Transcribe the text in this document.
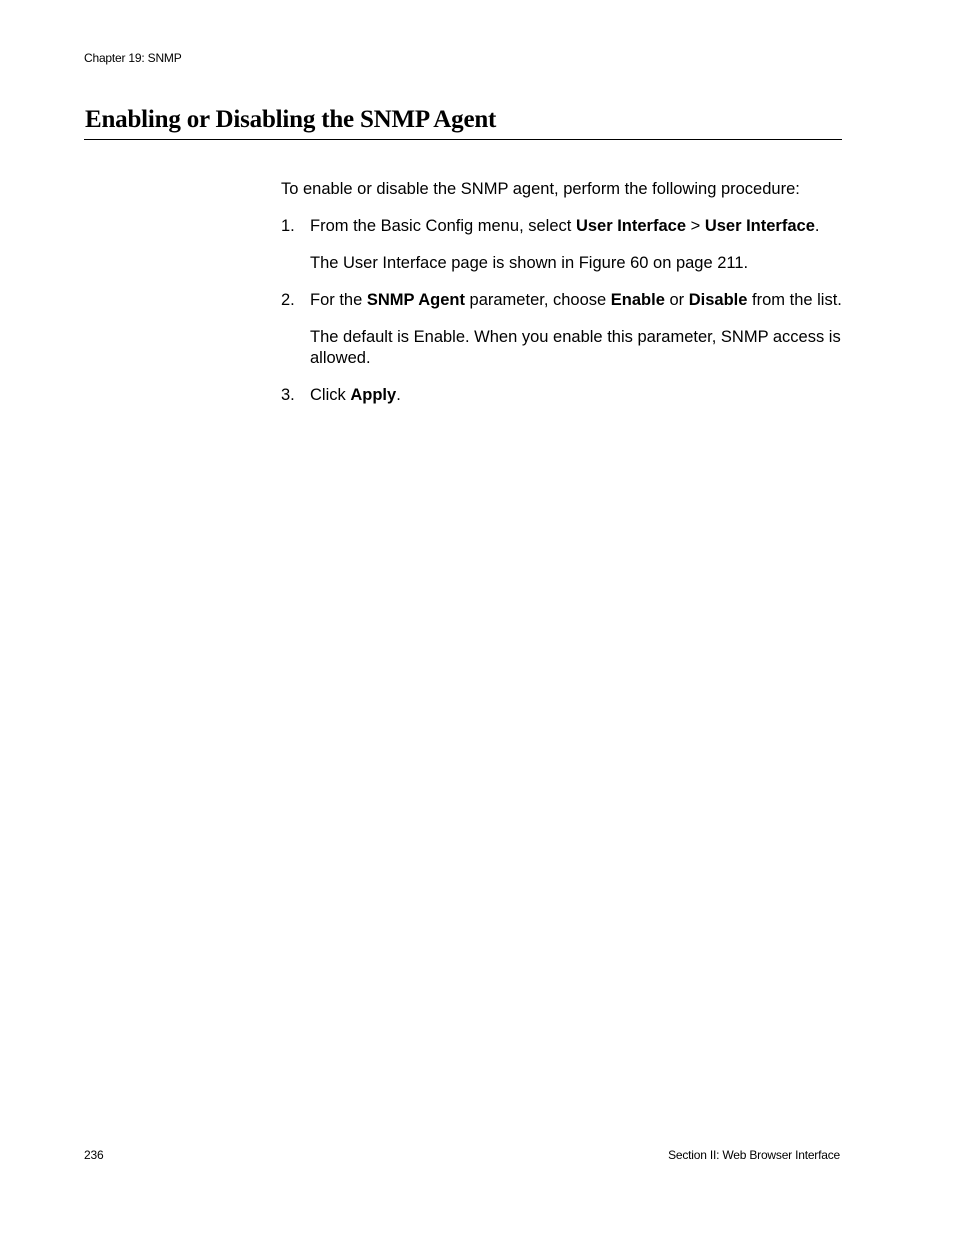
Chapter 19: SNMP
Enabling or Disabling the SNMP Agent

To enable or disable the SNMP agent, perform the following procedure:

1. From the Basic Config menu, select User Interface > User Interface.
The User Interface page is shown in Figure 60 on page 211.
2. For the SNMP Agent parameter, choose Enable or Disable from the list.
The default is Enable. When you enable this parameter, SNMP access is allowed.
3. Click Apply.
236	Section II: Web Browser Interface
